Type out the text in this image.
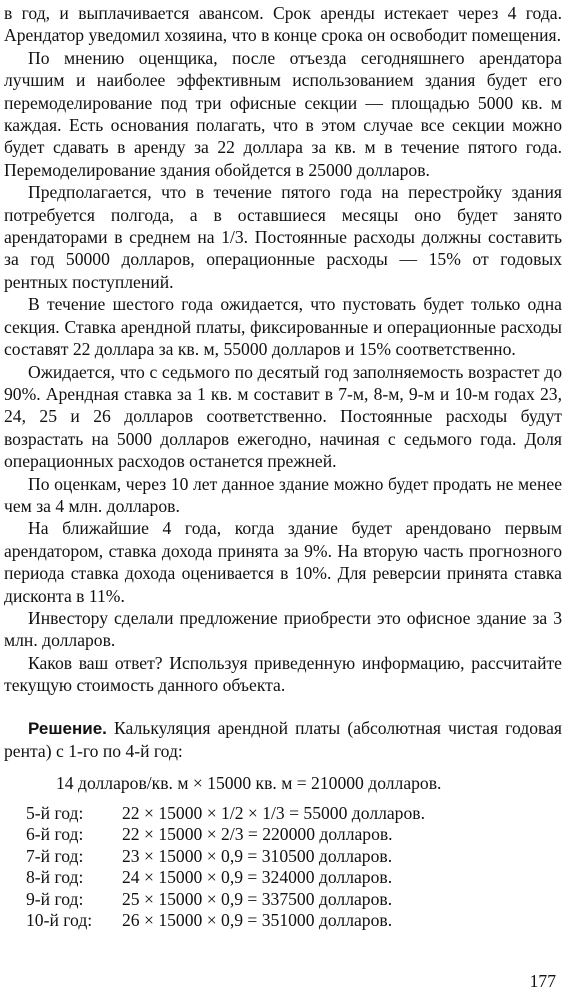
в год, и выплачивается авансом. Срок аренды истекает через 4 года. Арендатор уведомил хозяина, что в конце срока он освободит помещения.

По мнению оценщика, после отъезда сегодняшнего арендатора лучшим и наиболее эффективным использованием здания будет его перемоделирование под три офисные секции — площадью 5000 кв. м каждая. Есть основания полагать, что в этом случае все секции можно будет сдавать в аренду за 22 доллара за кв. м в течение пятого года. Перемоделирование здания обойдется в 25000 долларов.

Предполагается, что в течение пятого года на перестройку здания потребуется полгода, а в оставшиеся месяцы оно будет занято арендаторами в среднем на 1/3. Постоянные расходы должны составить за год 50000 долларов, операционные расходы — 15% от годовых рентных поступлений.

В течение шестого года ожидается, что пустовать будет только одна секция. Ставка арендной платы, фиксированные и операционные расходы составят 22 доллара за кв. м, 55000 долларов и 15% соответственно.

Ожидается, что с седьмого по десятый год заполняемость возрастет до 90%. Арендная ставка за 1 кв. м составит в 7-м, 8-м, 9-м и 10-м годах 23, 24, 25 и 26 долларов соответственно. Постоянные расходы будут возрастать на 5000 долларов ежегодно, начиная с седьмого года. Доля операционных расходов останется прежней.

По оценкам, через 10 лет данное здание можно будет продать не менее чем за 4 млн. долларов.

На ближайшие 4 года, когда здание будет арендовано первым арендатором, ставка дохода принята за 9%. На вторую часть прогнозного периода ставка дохода оценивается в 10%. Для реверсии принята ставка дисконта в 11%.

Инвестору сделали предложение приобрести это офисное здание за 3 млн. долларов.

Каков ваш ответ? Используя приведенную информацию, рассчитайте текущую стоимость данного объекта.

Решение. Калькуляция арендной платы (абсолютная чистая годовая рента) с 1-го по 4-й год:

14 долларов/кв. м × 15000 кв. м = 210000 долларов.
5-й год:	22 × 15000 × 1/2 × 1/3 = 55000 долларов.
6-й год:	22 × 15000 × 2/3 = 220000 долларов.
7-й год:	23 × 15000 × 0,9 = 310500 долларов.
8-й год:	24 × 15000 × 0,9 = 324000 долларов.
9-й год:	25 × 15000 × 0,9 = 337500 долларов.
10-й год:	26 × 15000 × 0,9 = 351000 долларов.
177
